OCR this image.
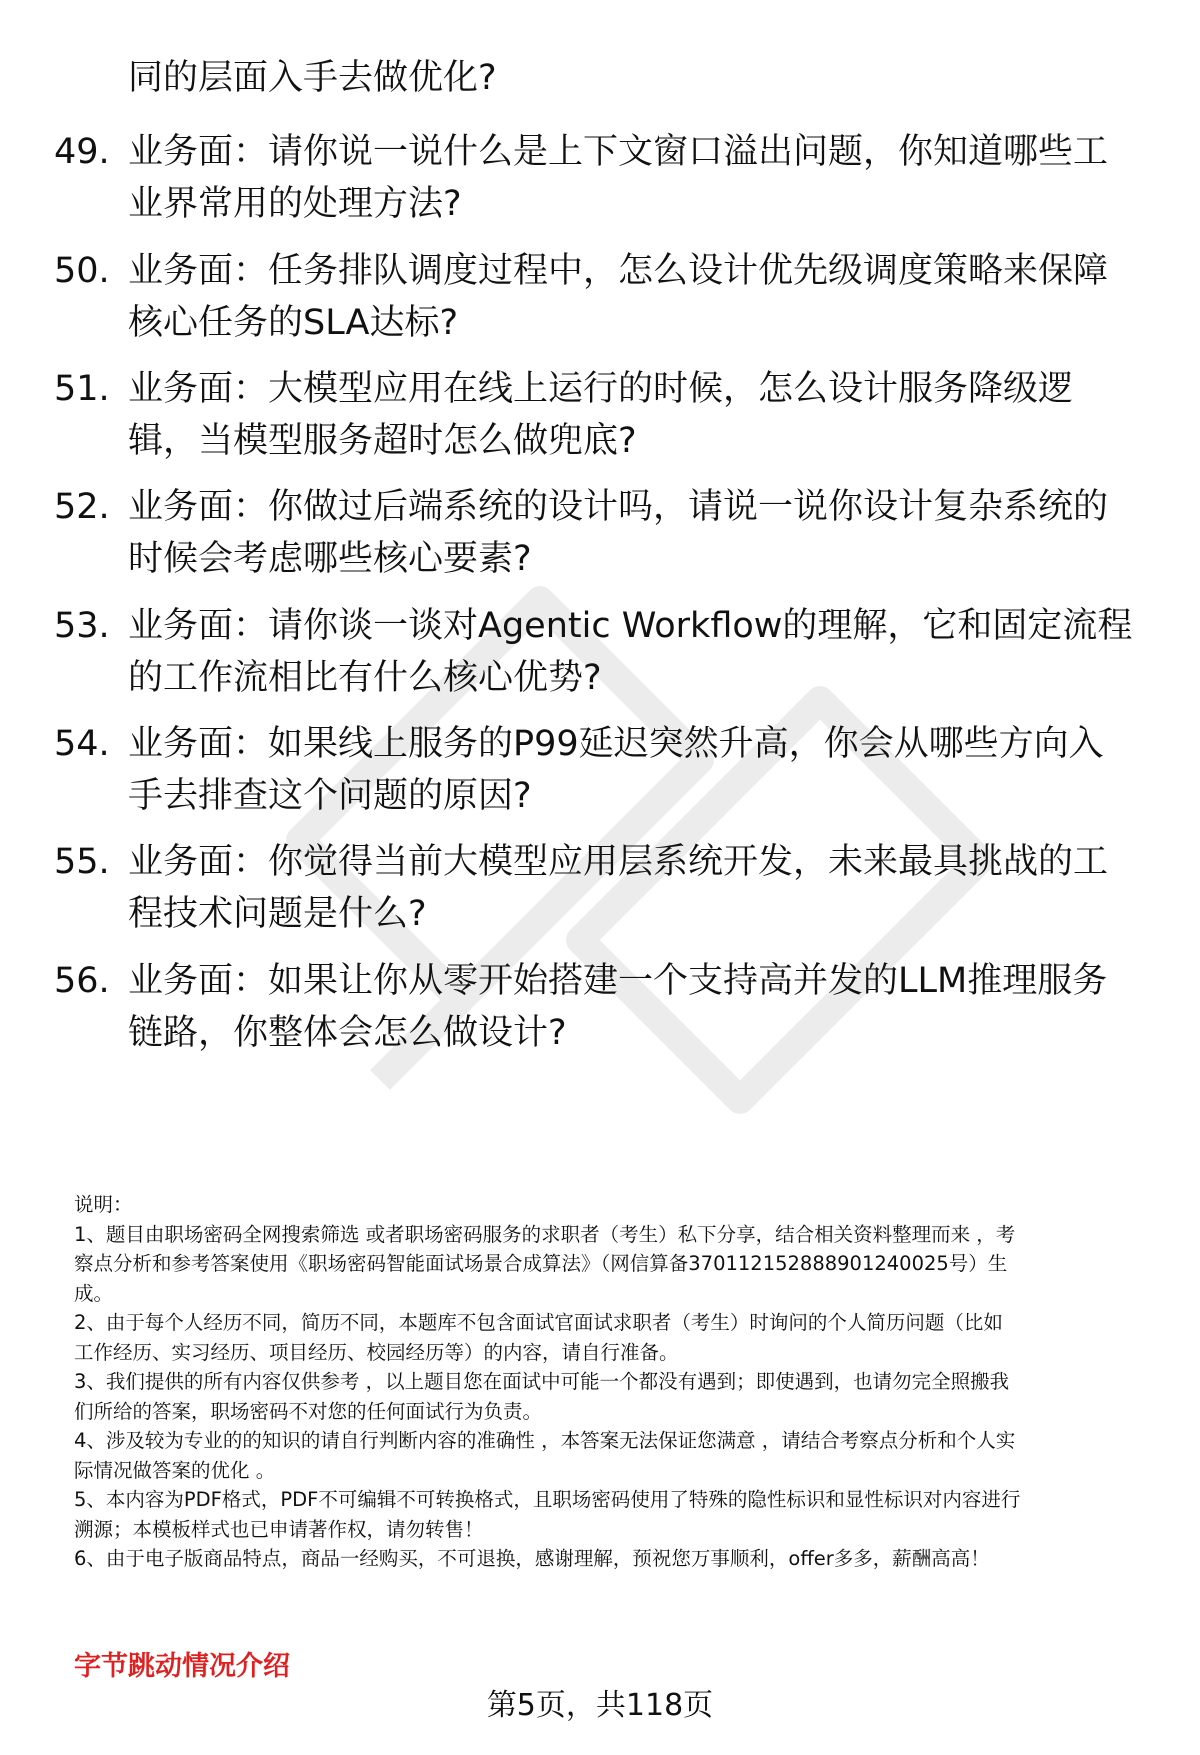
同的层面入手去做优化?
49. 业务面：请你说一说什么是上下文窗口溢出问题，你知道哪些工
业界常用的处理方法?
50. 业务面：任务排队调度过程中，怎么设计优先级调度策略来保障
核心任务的SLA达标?
51. 业务面：大模型应用在线上运行的时候，怎么设计服务降级逻
辑，当模型服务超时怎么做兜底?
52. 业务面：你做过后端系统的设计吗，请说一说你设计复杂系统的
时候会考虑哪些核心要素?
53. 业务面：请你谈一谈对Agentic Workflow的理解，它和固定流程
的工作流相比有什么核心优势?
54. 业务面：如果线上服务的P99延迟突然升高，你会从哪些方向入
手去排查这个问题的原因?
55. 业务面：你觉得当前大模型应用层系统开发，未来最具挑战的工
程技术问题是什么?
56. 业务面：如果让你从零开始搭建一个支持高并发的LLM推理服务
链路，你整体会怎么做设计?
说明：
1、题目由职场密码全网搜索筛选 或者职场密码服务的求职者（考生）私下分享，结合相关资料整理而来 ，考
察点分析和参考答案使用《职场密码智能面试场景合成算法》（网信算备370112152888901240025号）生
成。
2、由于每个人经历不同，简历不同，本题库不包含面试官面试求职者（考生）时询问的个人简历问题（比如
工作经历、实习经历、项目经历、校园经历等）的内容，请自行准备。
3、我们提供的所有内容仅供参考 ，以上题目您在面试中可能一个都没有遇到；即使遇到，也请勿完全照搬我
们所给的答案，职场密码不对您的任何面试行为负责。
4、涉及较为专业的的知识的请自行判断内容的准确性 ，本答案无法保证您满意 ，请结合考察点分析和个人实
际情况做答案的优化 。
5、本内容为PDF格式，PDF不可编辑不可转换格式，且职场密码使用了特殊的隐性标识和显性标识对内容进行
溯源；本模板样式也已申请著作权，请勿转售！
6、由于电子版商品特点，商品一经购买，不可退换，感谢理解，预祝您万事顺利，offer多多，薪酬高高！
字节跳动情况介绍
第5页，共118页
